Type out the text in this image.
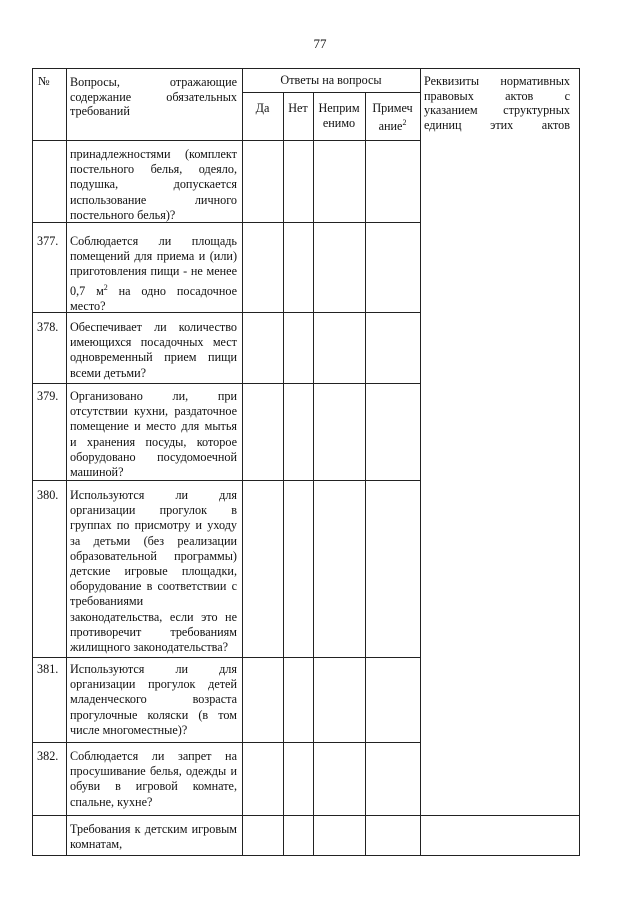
77
№ Вопросы, отражающие содержание обязательных требований
Ответы на вопросы
Да	Нет Неприм
енимо
Примеч
ание$^2$
Реквизиты нормативных правовых актов с указанием структурных единиц этих актов
принадлежностями (комплект постельного белья, одеяло, подушка, допускается использование личного постельного белья)?
377. Соблюдается ли площадь помещений для приема и (или) приготовления пищи - не менее 0,7 $м^2$ на одно посадочное место?
378. Обеспечивает ли количество имеющихся посадочных мест одновременный прием пищи всеми детьми?
379. Организовано ли, при отсутствии кухни, раздаточное помещение и место для мытья и хранения посуды, которое оборудовано посудомоечной машиной?
380. Используются ли для организации прогулок в группах по присмотру и уходу за детьми (без реализации образовательной программы) детские игровые площадки, оборудование в соответствии с требованиями законодательства, если это не противоречит требованиям жилищного законодательства?
381. Используются ли для организации прогулок детей младенческого возраста прогулочные коляски (в том числе многоместные)?
382. Соблюдается ли запрет на просушивание белья, одежды и обуви в игровой комнате, спальне, кухне?
Требования к детским игровым комнатам,
